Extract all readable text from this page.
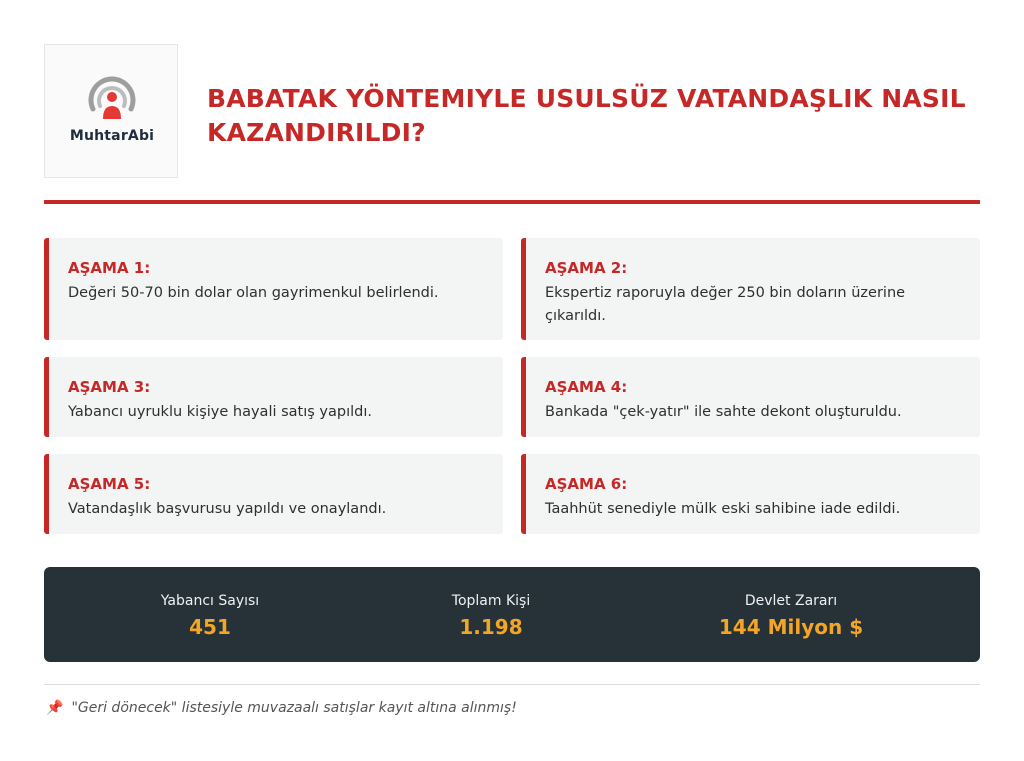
MuhtarAbi
BABATAK YÖNTEMIYLE USULSÜZ VATANDAŞLIK NASIL KAZANDIRILDI?
AŞAMA 1:
Değeri 50-70 bin dolar olan gayrimenkul belirlendi.
AŞAMA 2:
Ekspertiz raporuyla değer 250 bin doların üzerine çıkarıldı.
AŞAMA 3:
Yabancı uyruklu kişiye hayali satış yapıldı.
AŞAMA 4:
Bankada "çek-yatır" ile sahte dekont oluşturuldu.
AŞAMA 5:
Vatandaşlık başvurusu yapıldı ve onaylandı.
AŞAMA 6:
Taahhüt senediyle mülk eski sahibine iade edildi.
Yabancı Sayısı
451
Toplam Kişi
1.198
Devlet Zararı
144 Milyon $
📌 "Geri dönecek" listesiyle muvazaalı satışlar kayıt altına alınmış!
